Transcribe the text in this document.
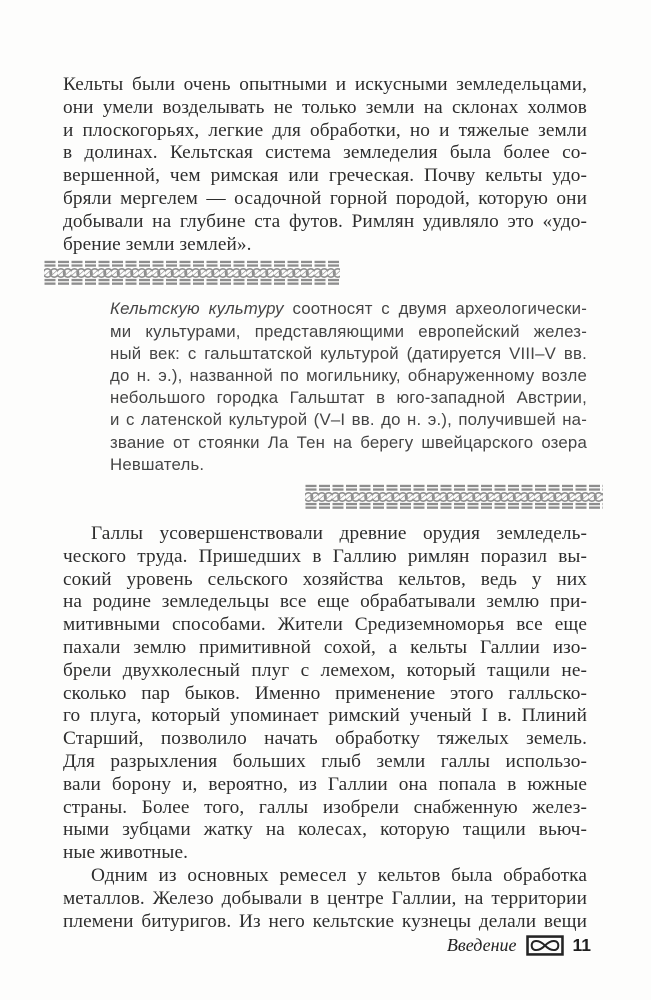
Кельты были очень опытными и искусными земледельцами,
они умели возделывать не только земли на склонах холмов
и плоскогорьях, легкие для обработки, но и тяжелые земли
в долинах. Кельтская система земледелия была более со-
вершенной, чем римская или греческая. Почву кельты удо-
бряли мергелем — осадочной горной породой, которую они
добывали на глубине ста футов. Римлян удивляло это «удо-
брение земли землей».
Кельтскую культуру соотносят с двумя археологически-
ми культурами, представляющими европейский желез-
ный век: с гальштатской культурой (датируется VIII–V вв.
до н. э.), названной по могильнику, обнаруженному возле
небольшого городка Гальштат в юго-западной Австрии,
и с латенской культурой (V–I вв. до н. э.), получившей на-
звание от стоянки Ла Тен на берегу швейцарского озера
Невшатель.
Галлы усовершенствовали древние орудия земледель-
ческого труда. Пришедших в Галлию римлян поразил вы-
сокий уровень сельского хозяйства кельтов, ведь у них
на родине земледельцы все еще обрабатывали землю при-
митивными способами. Жители Средиземноморья все еще
пахали землю примитивной сохой, а кельты Галлии изо-
брели двухколесный плуг с лемехом, который тащили не-
сколько пар быков. Именно применение этого галльско-
го плуга, который упоминает римский ученый I в. Плиний
Старший, позволило начать обработку тяжелых земель.
Для разрыхления больших глыб земли галлы использо-
вали борону и, вероятно, из Галлии она попала в южные
страны. Более того, галлы изобрели снабженную желез-
ными зубцами жатку на колесах, которую тащили вьюч-
ные животные.
Одним из основных ремесел у кельтов была обработка
металлов. Железо добывали в центре Галлии, на территории
племени битуригов. Из него кельтские кузнецы делали вещи
Введение	11
